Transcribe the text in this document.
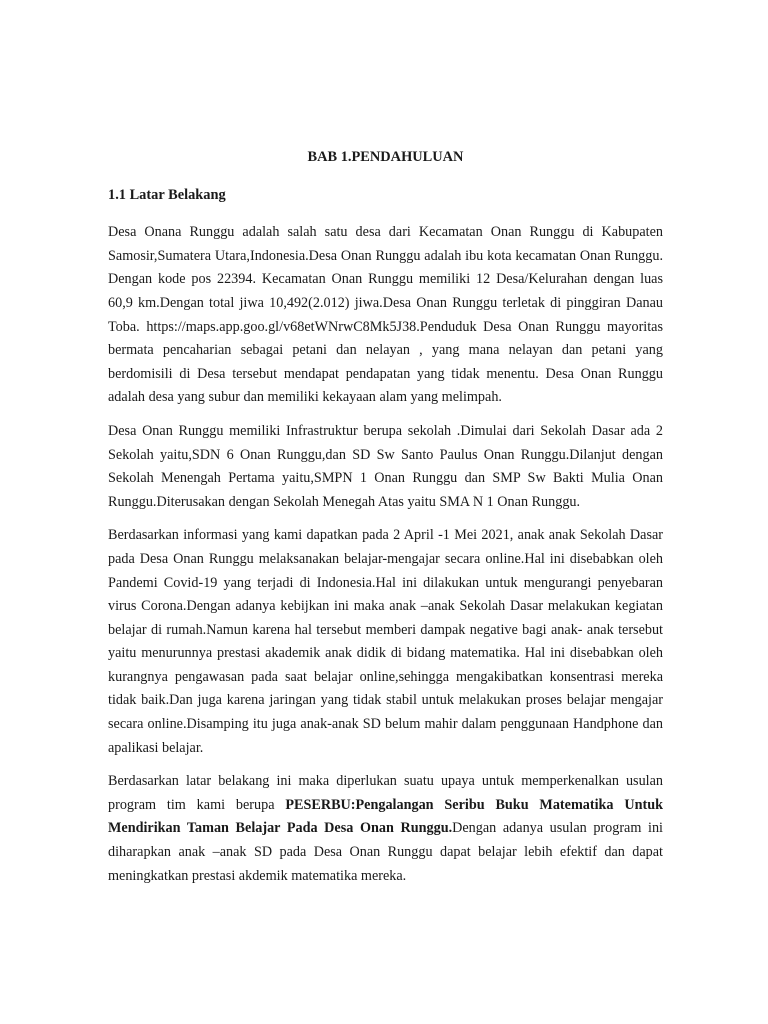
BAB 1.PENDAHULUAN
1.1 Latar Belakang

Desa Onana Runggu adalah salah satu desa dari Kecamatan Onan Runggu di Kabupaten Samosir,Sumatera Utara,Indonesia.Desa Onan Runggu adalah ibu kota kecamatan Onan Runggu. Dengan kode pos 22394. Kecamatan Onan Runggu memiliki 12 Desa/Kelurahan dengan luas 60,9 km.Dengan total jiwa 10,492(2.012) jiwa.Desa Onan Runggu terletak di pinggiran Danau Toba. https://maps.app.goo.gl/v68etWNrwC8Mk5J38.Penduduk Desa Onan Runggu mayoritas bermata pencaharian sebagai petani dan nelayan , yang mana nelayan dan petani yang berdomisili di Desa tersebut mendapat pendapatan yang tidak menentu. Desa Onan Runggu adalah desa yang subur dan memiliki kekayaan alam yang melimpah.

Desa Onan Runggu memiliki Infrastruktur berupa sekolah .Dimulai dari Sekolah Dasar ada 2 Sekolah yaitu,SDN 6 Onan Runggu,dan SD Sw Santo Paulus Onan Runggu.Dilanjut dengan Sekolah Menengah Pertama yaitu,SMPN 1 Onan Runggu dan SMP Sw Bakti Mulia Onan Runggu.Diterusakan dengan Sekolah Menegah Atas yaitu SMA N 1 Onan Runggu.

Berdasarkan informasi yang kami dapatkan pada 2 April -1 Mei 2021, anak anak Sekolah Dasar pada Desa Onan Runggu melaksanakan belajar-mengajar secara online.Hal ini disebabkan oleh Pandemi Covid-19 yang terjadi di Indonesia.Hal ini dilakukan untuk mengurangi penyebaran virus Corona.Dengan adanya kebijkan ini maka anak –anak Sekolah Dasar melakukan kegiatan belajar di rumah.Namun karena hal tersebut memberi dampak negative bagi anak- anak tersebut yaitu menurunnya prestasi akademik anak didik di bidang matematika. Hal ini disebabkan oleh kurangnya pengawasan pada saat belajar online,sehingga mengakibatkan konsentrasi mereka tidak baik.Dan juga karena jaringan yang tidak stabil untuk melakukan proses belajar mengajar secara online.Disamping itu juga anak-anak SD belum mahir dalam penggunaan Handphone dan apalikasi belajar.

Berdasarkan latar belakang ini maka diperlukan suatu upaya untuk memperkenalkan usulan program tim kami berupa PESERBU:Pengalangan Seribu Buku Matematika Untuk Mendirikan Taman Belajar Pada Desa Onan Runggu.Dengan adanya usulan program ini diharapkan anak –anak SD pada Desa Onan Runggu dapat belajar lebih efektif dan dapat meningkatkan prestasi akdemik matematika mereka.
